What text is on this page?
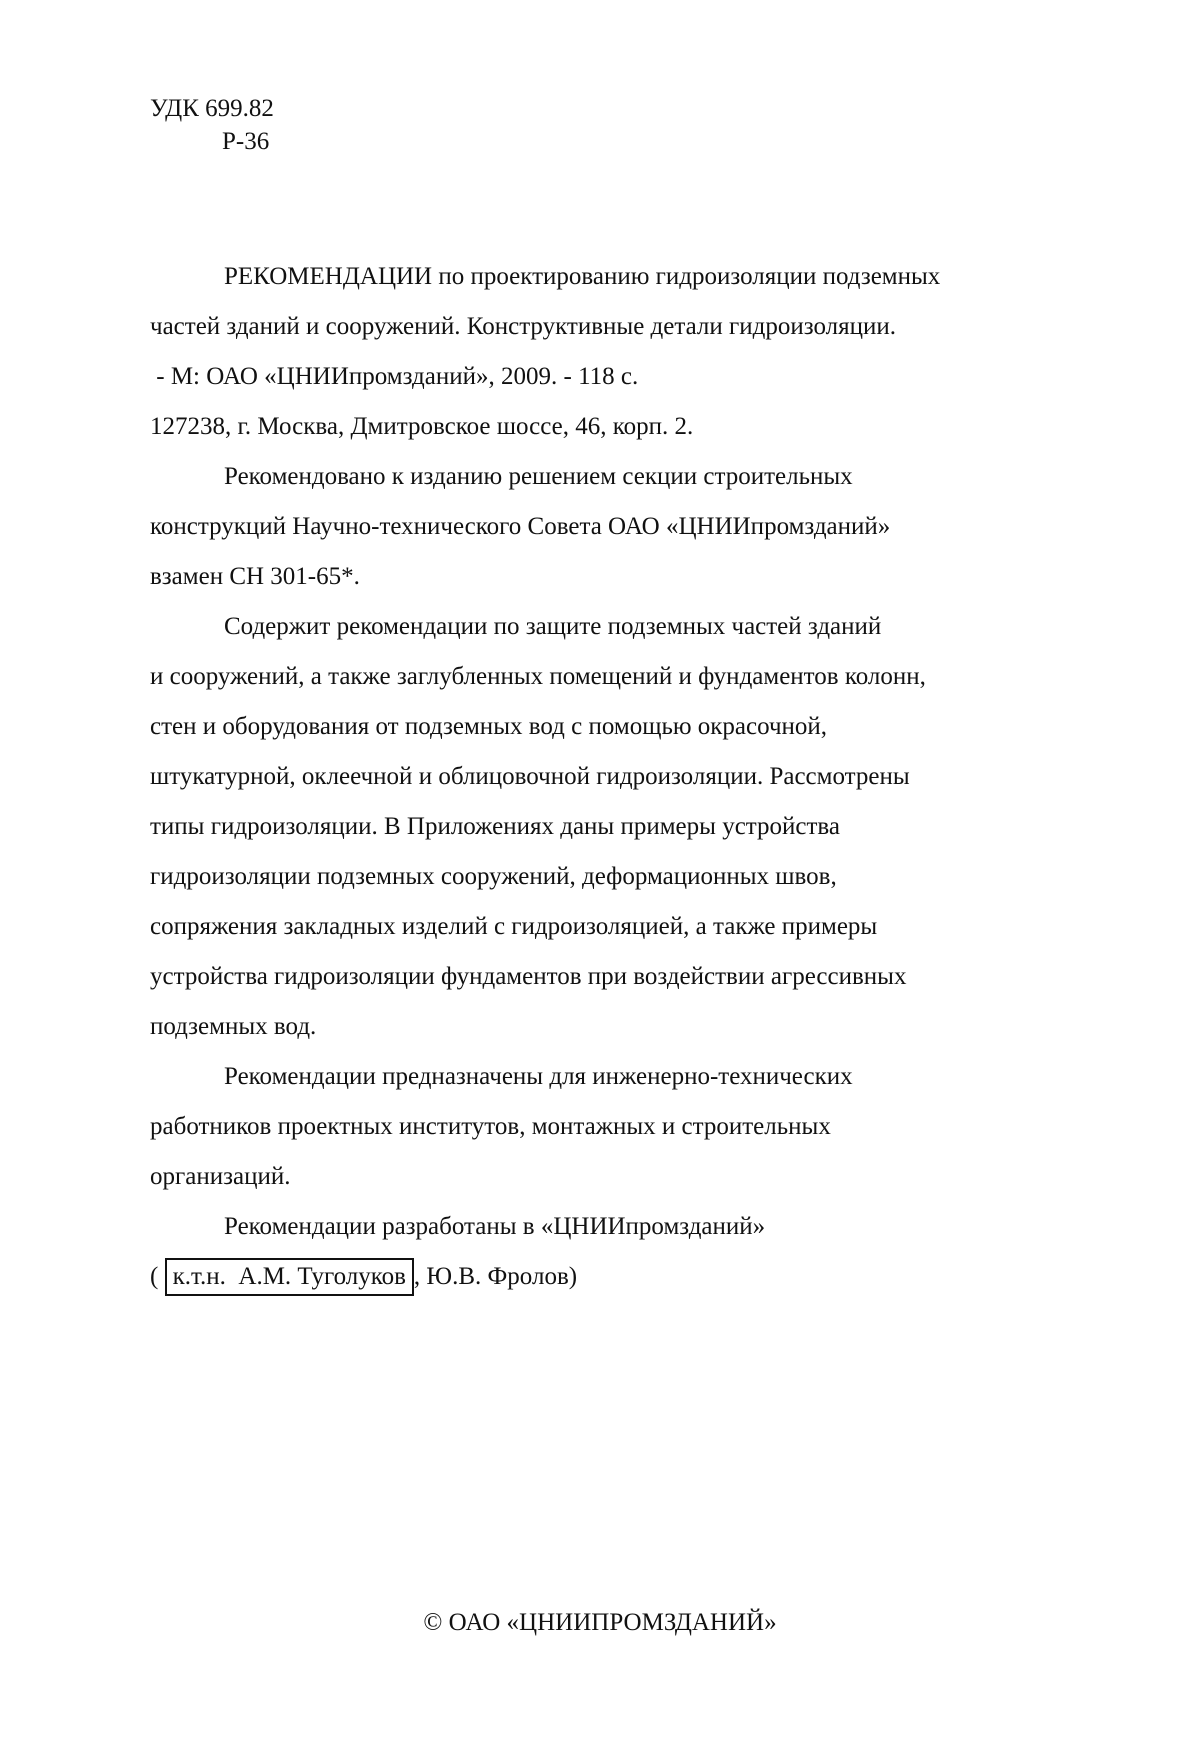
УДК 699.82
Р-36

РЕКОМЕНДАЦИИ по проектированию гидроизоляции подземных

частей зданий и сооружений. Конструктивные детали гидроизоляции.

- М: ОАО «ЦНИИпромзданий», 2009. - 118 с.

127238, г. Москва, Дмитровское шоссе, 46, корп. 2.

Рекомендовано к изданию решением секции строительных

конструкций Научно-технического Совета ОАО «ЦНИИпромзданий»

взамен СН 301-65*.

Содержит рекомендации по защите подземных частей зданий

и сооружений, а также заглубленных помещений и фундаментов колонн,

стен и оборудования от подземных вод с помощью окрасочной,

штукатурной, оклеечной и облицовочной гидроизоляции. Рассмотрены

типы гидроизоляции. В Приложениях даны примеры устройства

гидроизоляции подземных сооружений, деформационных швов,

сопряжения закладных изделий с гидроизоляцией, а также примеры

устройства гидроизоляции фундаментов при воздействии агрессивных

подземных вод.

Рекомендации предназначены для инженерно-технических

работников проектных институтов, монтажных и строительных

организаций.

Рекомендации разработаны в «ЦНИИпромзданий»

( к.т.н.  А.М. Туголуков , Ю.В. Фролов)

© ОАО «ЦНИИПРОМЗДАНИЙ»
